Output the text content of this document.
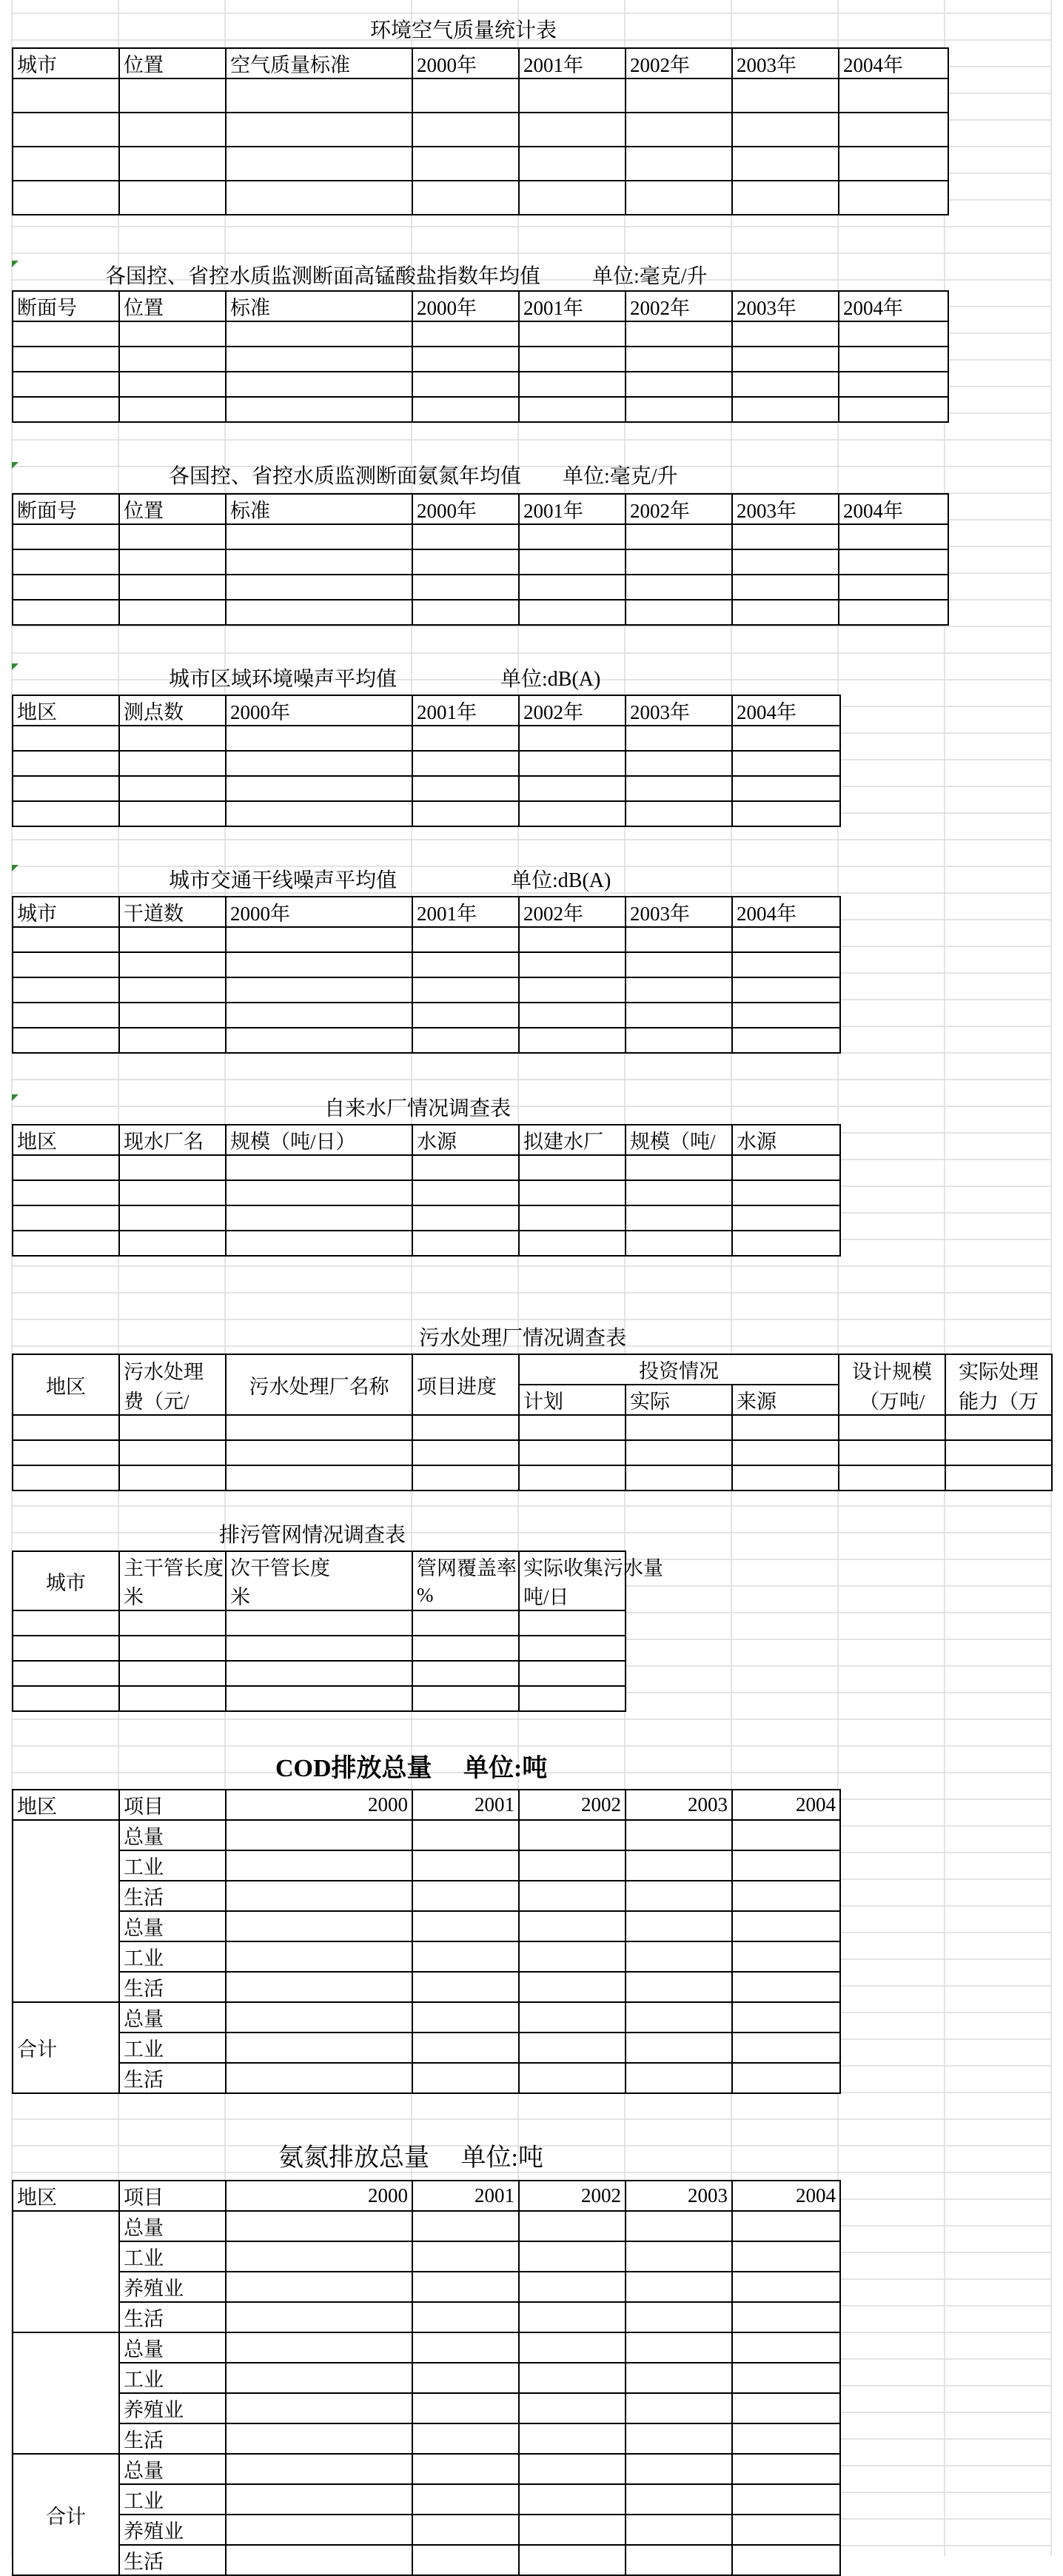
环境空气质量统计表
城市	位置	空气质量标准	2000年	2001年	2002年	2003年	2004年

各国控、省控水质监测断面高锰酸盐指数年均值          单位:毫克/升
断面号	位置	标准	2000年	2001年	2002年	2003年	2004年

各国控、省控水质监测断面氨氮年均值        单位:毫克/升
断面号	位置	标准	2000年	2001年	2002年	2003年	2004年

城市区域环境噪声平均值                    单位:dB(A)
地区	测点数	2000年	2001年	2002年	2003年	2004年

城市交通干线噪声平均值                      单位:dB(A)
城市	干道数	2000年	2001年	2002年	2003年	2004年

自来水厂情况调查表
地区	现水厂名	规模（吨/日）	水源	拟建水厂	规模（吨/	水源

污水处理厂情况调查表
地区	污水处理	污水处理厂名称	项目进度	投资情况			设计规模	实际处理
	费（元/			计划	实际	来源	（万吨/	能力（万

排污管网情况调查表
城市	主干管长度	次干管长度	管网覆盖率	实际收集污水量
	米	米	%	吨/日

COD排放总量     单位:吨
地区	项目	2000	2001	2002	2003	2004
	总量					
	工业					
	生活					
	总量					
	工业					
	生活					
合计	总量					
	工业					
	生活					
氨氮排放总量     单位:吨
地区	项目	2000	2001	2002	2003	2004
	总量					
	工业					
	养殖业					
	生活					
	总量					
	工业					
	养殖业					
	生活					
合计	总量					
	工业					
	养殖业					
	生活					
